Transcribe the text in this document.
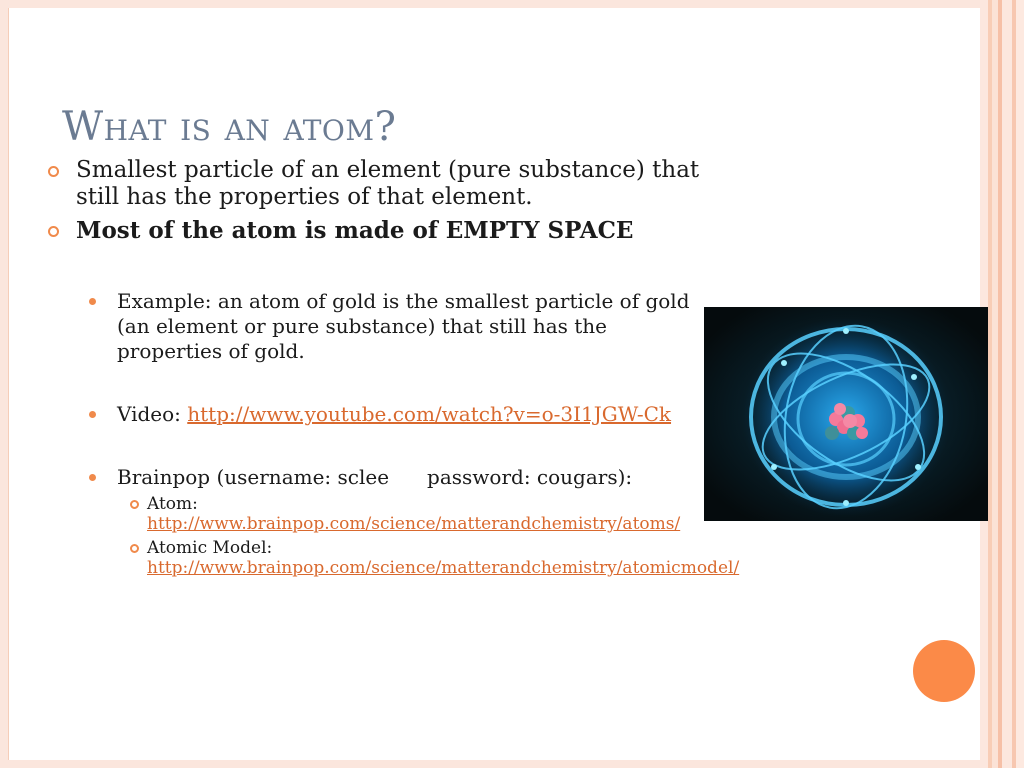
What is an atom?
Smallest particle of an element (pure substance) that still has the properties of that element.
Most of the atom is made of EMPTY SPACE
Example: an atom of gold is the smallest particle of gold (an element or pure substance) that still has the properties of gold.
Video: http://www.youtube.com/watch?v=o-3I1JGW-Ck
Brainpop (username: sclee password: cougars):
Atom:
http://www.brainpop.com/science/matterandchemistry/atoms/
Atomic Model:
http://www.brainpop.com/science/matterandchemistry/atomicmodel/
